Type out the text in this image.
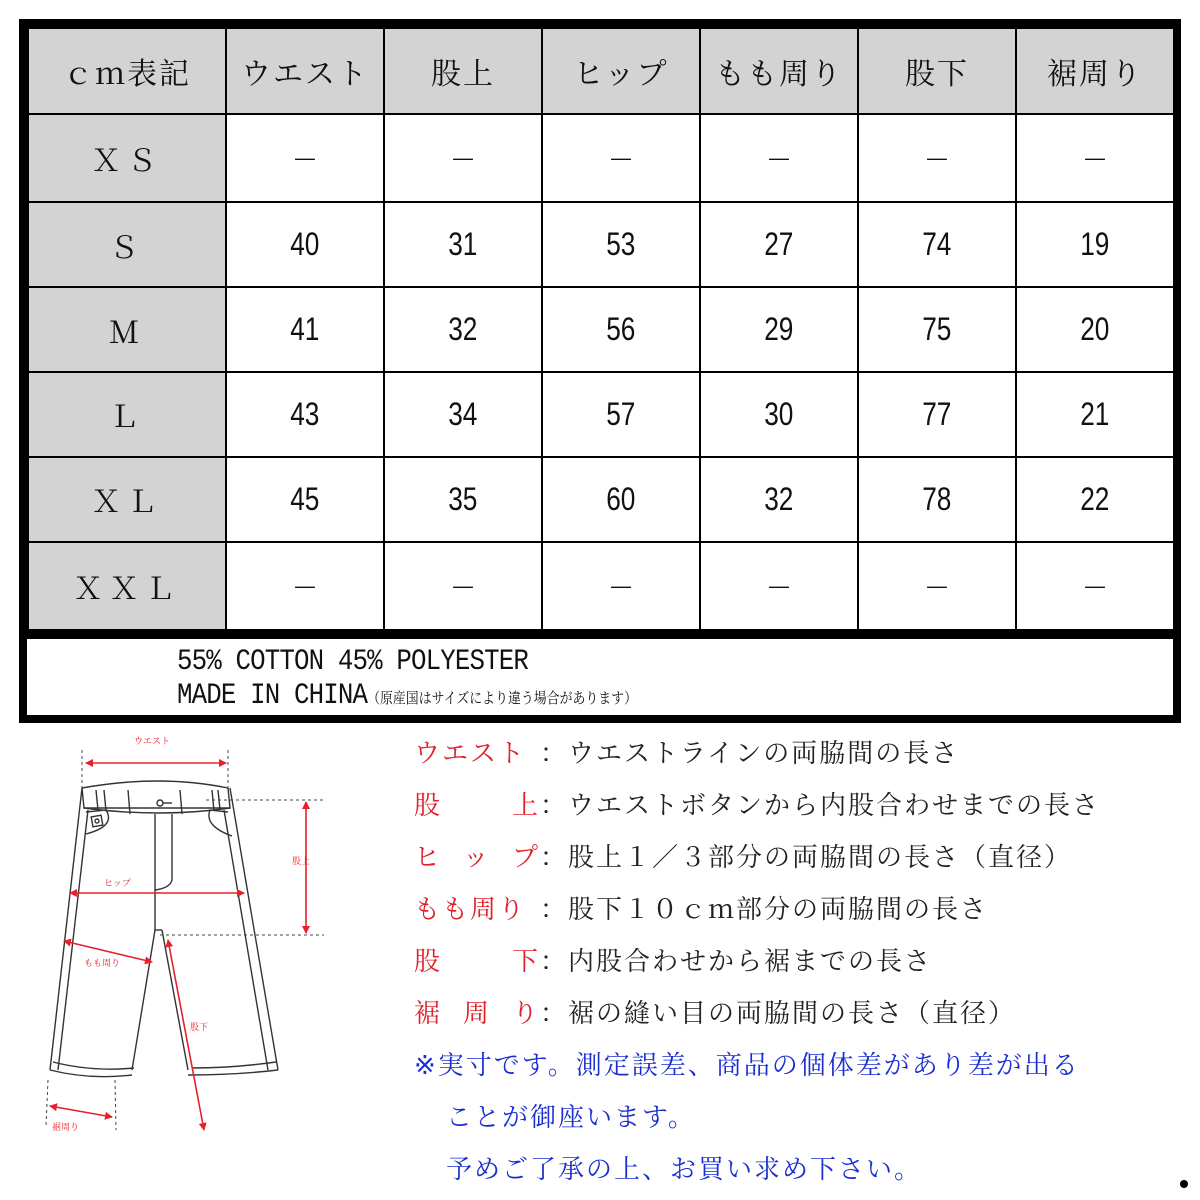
ｃｍ表記	ウエスト	股上	ヒップ	もも周り	股下	裾周り
ＸＳ	－	－	－	－	－	－
Ｓ	40	31	53	27	74	19
Ｍ	41	32	56	29	75	20
Ｌ	43	34	57	30	77	21
ＸＬ	45	35	60	32	78	22
ＸＸＬ	－	－	－	－	－	－
55% COTTON 45% POLYESTER
MADE IN CHINA（原産国はサイズにより違う場合があります）
ウエスト
股上
ヒップ
もも周り
股下
裾周り
ウエスト ：ウエストラインの両脇間の長さ
股上：ウエストボタンから内股合わせまでの長さ
ヒップ：股上１／３部分の両脇間の長さ（直径）
もも周り ：股下１０ｃｍ部分の両脇間の長さ
股下：内股合わせから裾までの長さ
裾周り：裾の縫い目の両脇間の長さ（直径）
※実寸です。測定誤差、商品の個体差があり差が出る
ことが御座います。
予めご了承の上、お買い求め下さい。
